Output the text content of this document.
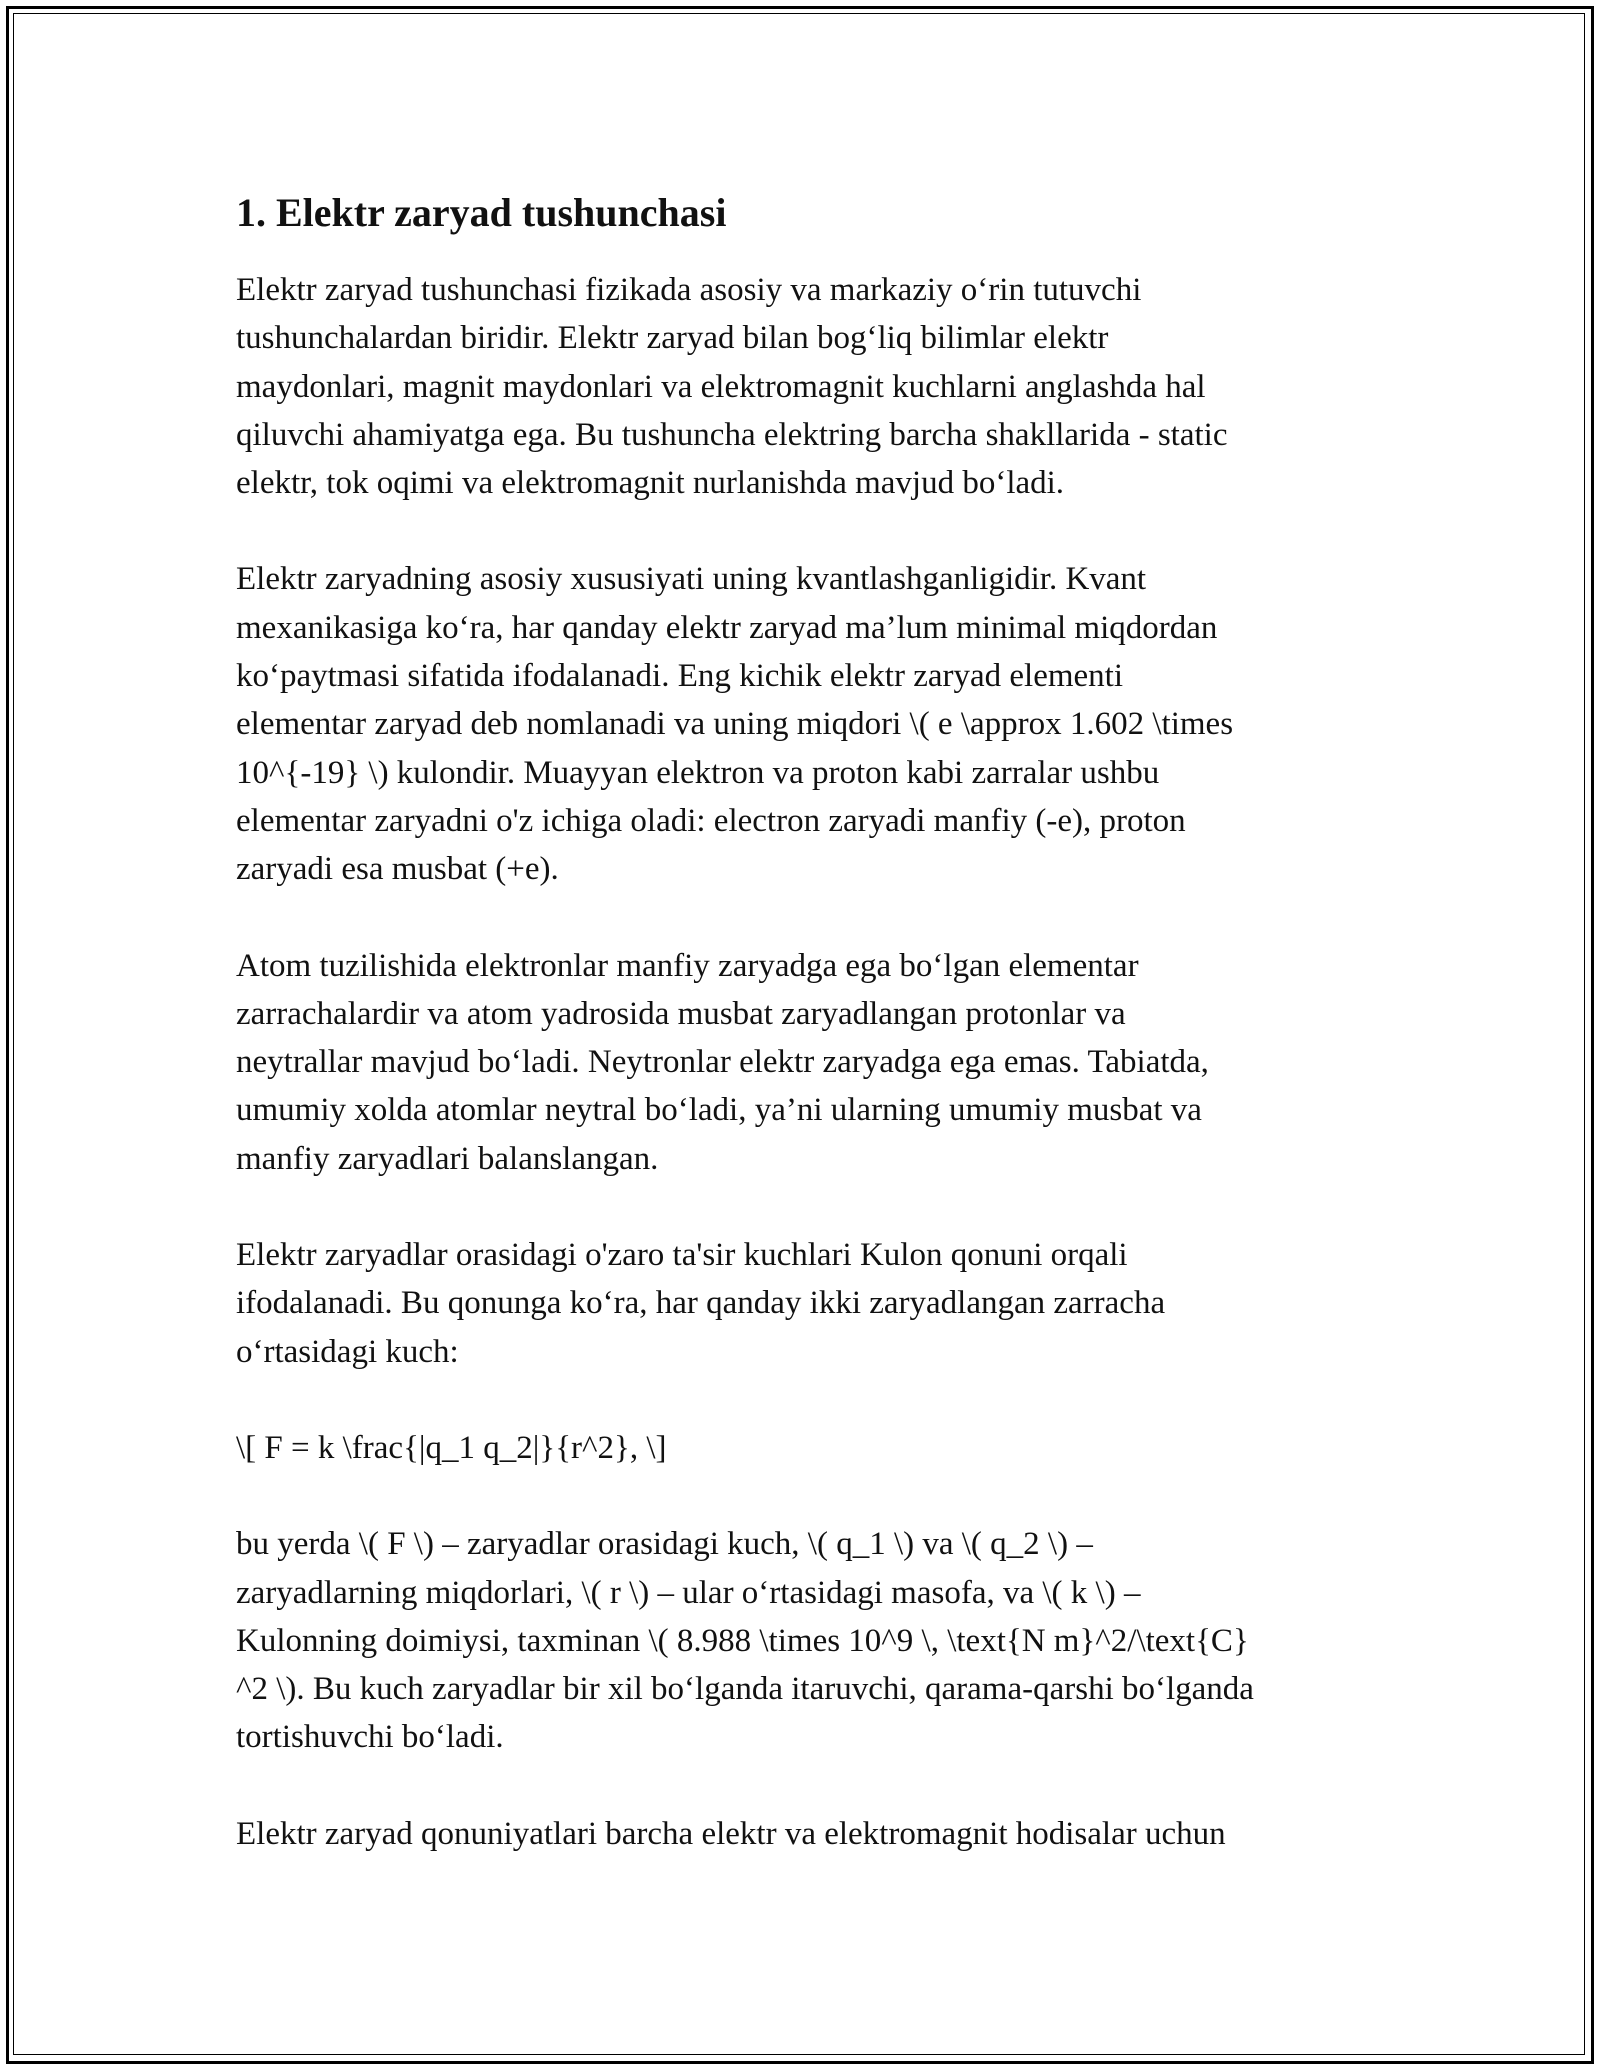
1. Elektr zaryad tushunchasi

Elektr zaryad tushunchasi fizikada asosiy va markaziy o‘rin tutuvchi
tushunchalardan biridir. Elektr zaryad bilan bog‘liq bilimlar elektr
maydonlari, magnit maydonlari va elektromagnit kuchlarni anglashda hal
qiluvchi ahamiyatga ega. Bu tushuncha elektring barcha shakllarida - static
elektr, tok oqimi va elektromagnit nurlanishda mavjud bo‘ladi.

Elektr zaryadning asosiy xususiyati uning kvantlashganligidir. Kvant
mexanikasiga ko‘ra, har qanday elektr zaryad ma’lum minimal miqdordan
ko‘paytmasi sifatida ifodalanadi. Eng kichik elektr zaryad elementi
elementar zaryad deb nomlanadi va uning miqdori \( e \approx 1.602 \times
10^{-19} \) kulondir. Muayyan elektron va proton kabi zarralar ushbu
elementar zaryadni o'z ichiga oladi: electron zaryadi manfiy (-e), proton
zaryadi esa musbat (+e).

Atom tuzilishida elektronlar manfiy zaryadga ega bo‘lgan elementar
zarrachalardir va atom yadrosida musbat zaryadlangan protonlar va
neytrallar mavjud bo‘ladi. Neytronlar elektr zaryadga ega emas. Tabiatda,
umumiy xolda atomlar neytral bo‘ladi, ya’ni ularning umumiy musbat va
manfiy zaryadlari balanslangan.

Elektr zaryadlar orasidagi o'zaro ta'sir kuchlari Kulon qonuni orqali
ifodalanadi. Bu qonunga ko‘ra, har qanday ikki zaryadlangan zarracha
o‘rtasidagi kuch:

\[ F = k \frac{|q_1 q_2|}{r^2}, \]

bu yerda \( F \) – zaryadlar orasidagi kuch, \( q_1 \) va \( q_2 \) –
zaryadlarning miqdorlari, \( r \) – ular o‘rtasidagi masofa, va \( k \) –
Kulonning doimiysi, taxminan \( 8.988 \times 10^9 \, \text{N m}^2/\text{C}
^2 \). Bu kuch zaryadlar bir xil bo‘lganda itaruvchi, qarama-qarshi bo‘lganda
tortishuvchi bo‘ladi.

Elektr zaryad qonuniyatlari barcha elektr va elektromagnit hodisalar uchun
